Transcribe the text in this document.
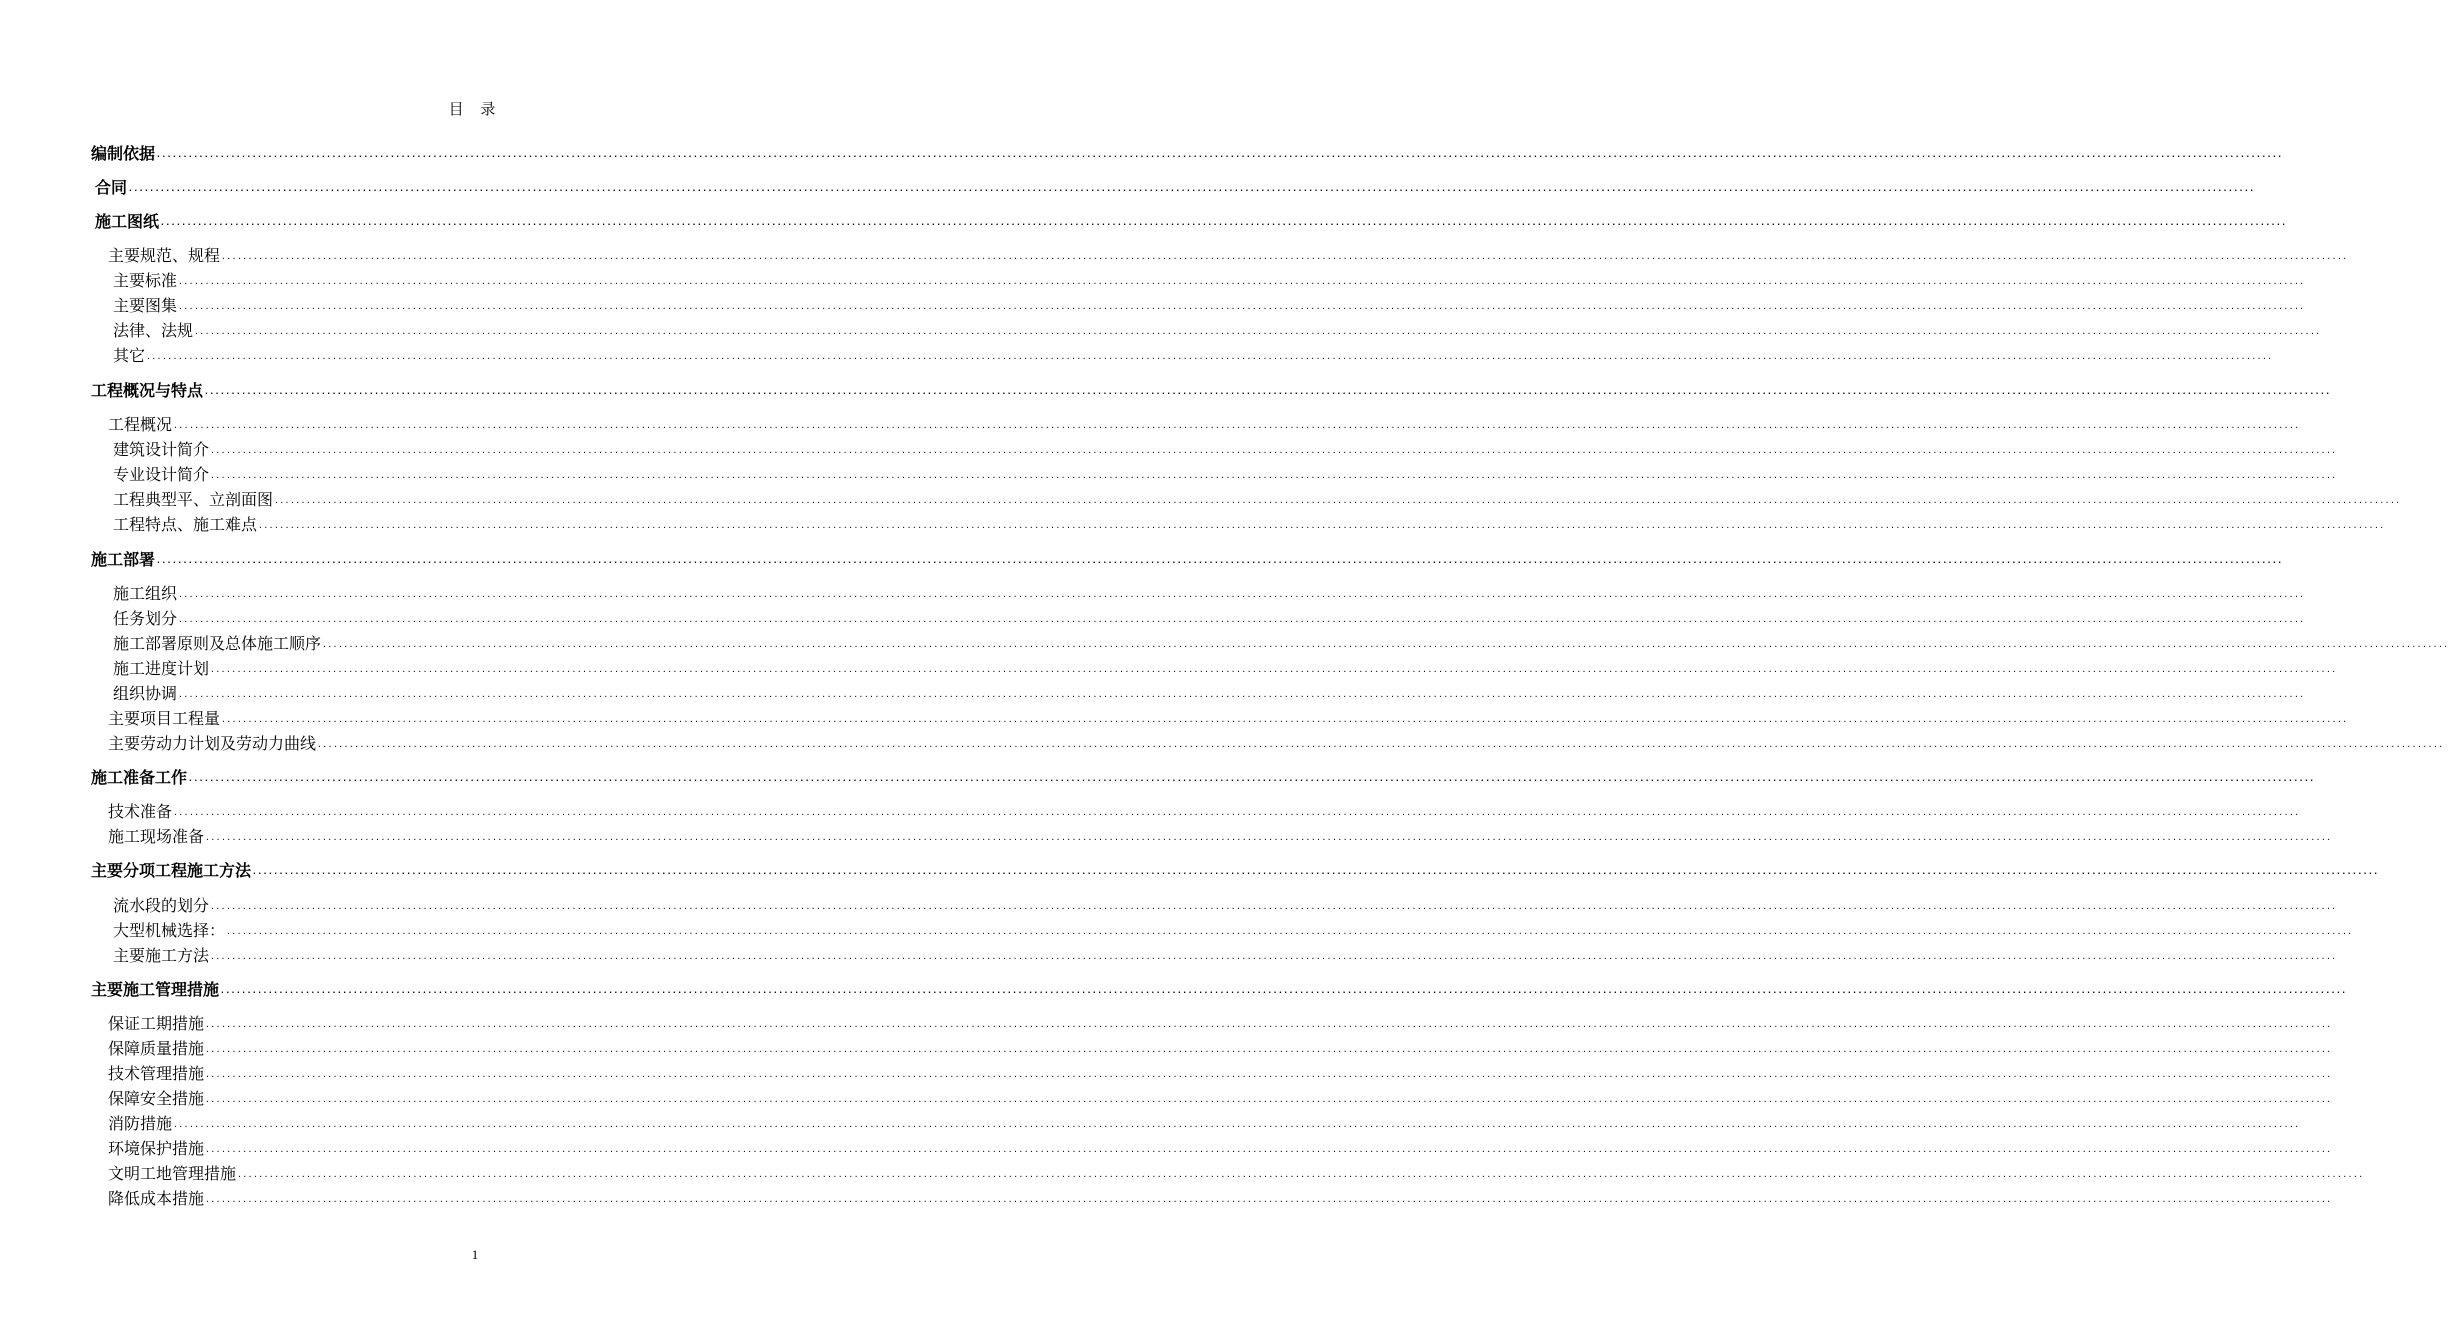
目 录
编制依据 ................................................................................................................................................................................................................................................................................................................................................................................................................
合同 ................................................................................................................................................................................................................................................................................................................................................................................................................
施工图纸 ................................................................................................................................................................................................................................................................................................................................................................................................................
主要规范、规程 ................................................................................................................................................................................................................................................................................................................................................................................................................
主要标准 ................................................................................................................................................................................................................................................................................................................................................................................................................
主要图集 ................................................................................................................................................................................................................................................................................................................................................................................................................
法律、法规 ................................................................................................................................................................................................................................................................................................................................................................................................................
其它 ................................................................................................................................................................................................................................................................................................................................................................................................................
工程概况与特点 ................................................................................................................................................................................................................................................................................................................................................................................................................
工程概况 ................................................................................................................................................................................................................................................................................................................................................................................................................
建筑设计简介 ................................................................................................................................................................................................................................................................................................................................................................................................................
专业设计简介 ................................................................................................................................................................................................................................................................................................................................................................................................................
工程典型平、立剖面图 ................................................................................................................................................................................................................................................................................................................................................................................................................
工程特点、施工难点 ................................................................................................................................................................................................................................................................................................................................................................................................................
施工部署 ................................................................................................................................................................................................................................................................................................................................................................................................................
施工组织 ................................................................................................................................................................................................................................................................................................................................................................................................................
任务划分 ................................................................................................................................................................................................................................................................................................................................................................................................................
施工部署原则及总体施工顺序 ................................................................................................................................................................................................................................................................................................................................................................................................................
施工进度计划 ................................................................................................................................................................................................................................................................................................................................................................................................................
组织协调 ................................................................................................................................................................................................................................................................................................................................................................................................................
主要项目工程量 ................................................................................................................................................................................................................................................................................................................................................................................................................
主要劳动力计划及劳动力曲线 ................................................................................................................................................................................................................................................................................................................................................................................................................
施工准备工作 ................................................................................................................................................................................................................................................................................................................................................................................................................
技术准备 ................................................................................................................................................................................................................................................................................................................................................................................................................
施工现场准备 ................................................................................................................................................................................................................................................................................................................................................................................................................
主要分项工程施工方法 ................................................................................................................................................................................................................................................................................................................................................................................................................
流水段的划分 ................................................................................................................................................................................................................................................................................................................................................................................................................
大型机械选择： ................................................................................................................................................................................................................................................................................................................................................................................................................
主要施工方法 ................................................................................................................................................................................................................................................................................................................................................................................................................
主要施工管理措施 ................................................................................................................................................................................................................................................................................................................................................................................................................
保证工期措施 ................................................................................................................................................................................................................................................................................................................................................................................................................
保障质量措施 ................................................................................................................................................................................................................................................................................................................................................................................................................
技术管理措施 ................................................................................................................................................................................................................................................................................................................................................................................................................
保障安全措施 ................................................................................................................................................................................................................................................................................................................................................................................................................
消防措施 ................................................................................................................................................................................................................................................................................................................................................................................................................
环境保护措施 ................................................................................................................................................................................................................................................................................................................................................................................................................
文明工地管理措施 ................................................................................................................................................................................................................................................................................................................................................................................................................
降低成本措施 ................................................................................................................................................................................................................................................................................................................................................................................................................
1
